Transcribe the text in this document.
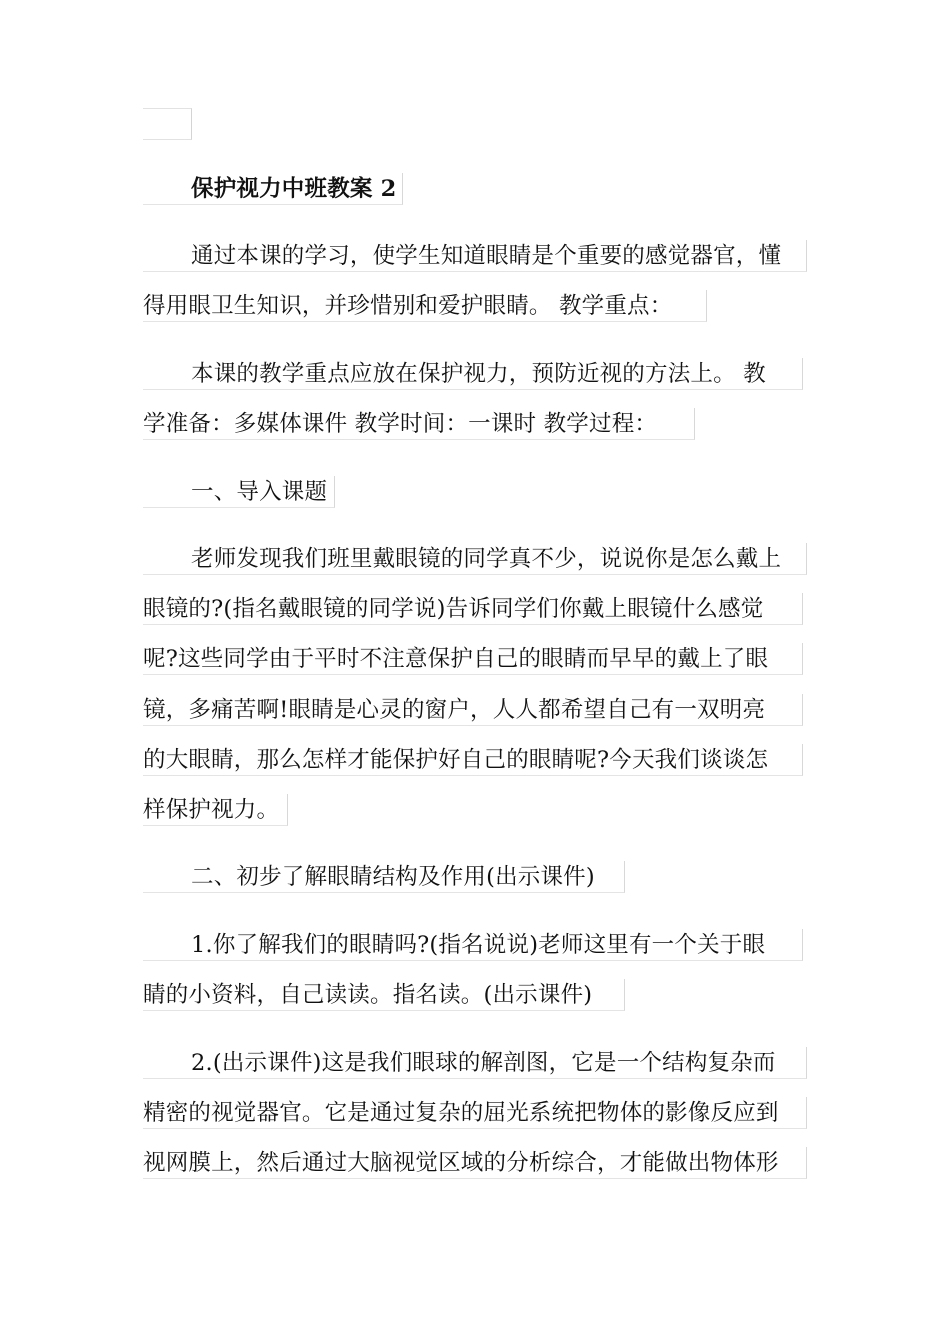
保护视力中班教案 2
通过本课的学习，使学生知道眼睛是个重要的感觉器官，懂
得用眼卫生知识，并珍惜别和爱护眼睛。 教学重点：
本课的教学重点应放在保护视力，预防近视的方法上。 教
学准备：多媒体课件 教学时间：一课时 教学过程：
一、导入课题
老师发现我们班里戴眼镜的同学真不少，说说你是怎么戴上
眼镜的?(指名戴眼镜的同学说)告诉同学们你戴上眼镜什么感觉
呢?这些同学由于平时不注意保护自己的眼睛而早早的戴上了眼
镜，多痛苦啊!眼睛是心灵的窗户，人人都希望自己有一双明亮
的大眼睛，那么怎样才能保护好自己的眼睛呢?今天我们谈谈怎
样保护视力。
二、初步了解眼睛结构及作用(出示课件)
1.你了解我们的眼睛吗?(指名说说)老师这里有一个关于眼
睛的小资料，自己读读。指名读。(出示课件)
2.(出示课件)这是我们眼球的解剖图，它是一个结构复杂而
精密的视觉器官。它是通过复杂的屈光系统把物体的影像反应到
视网膜上，然后通过大脑视觉区域的分析综合，才能做出物体形
